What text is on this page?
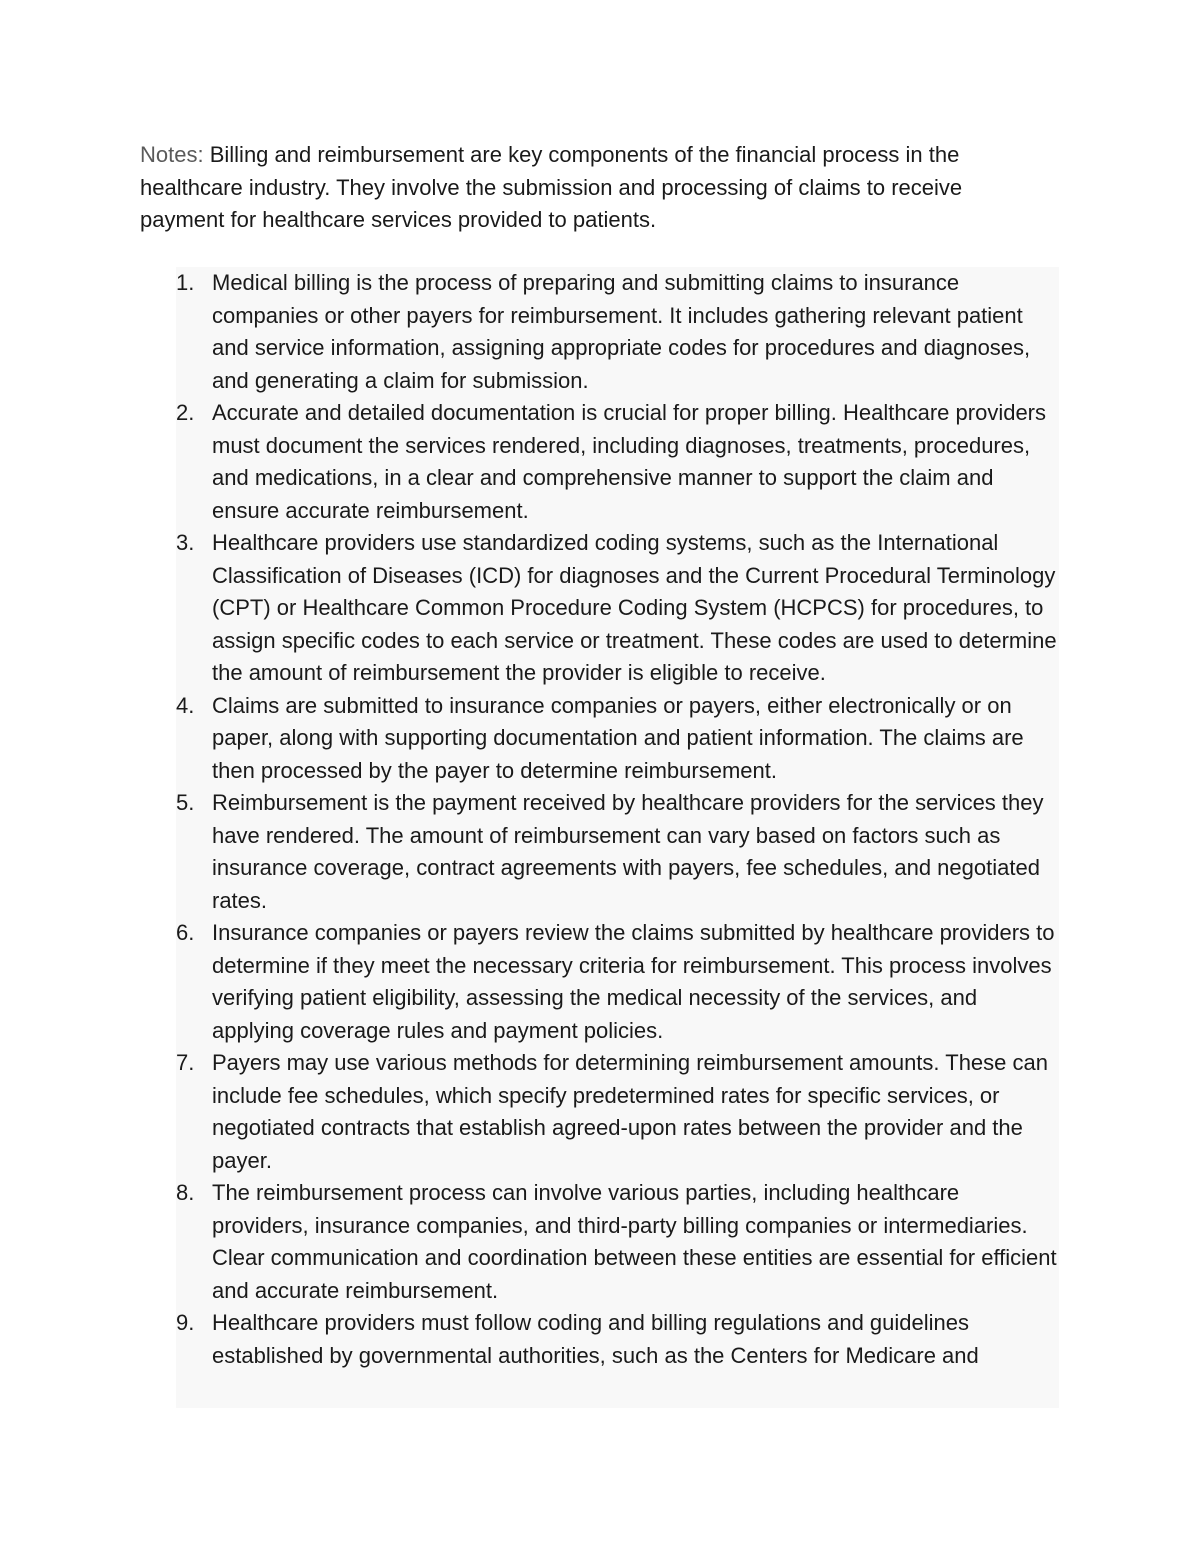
Notes: Billing and reimbursement are key components of the financial process in the healthcare industry. They involve the submission and processing of claims to receive payment for healthcare services provided to patients.

1. Medical billing is the process of preparing and submitting claims to insurance companies or other payers for reimbursement. It includes gathering relevant patient and service information, assigning appropriate codes for procedures and diagnoses, and generating a claim for submission.
2. Accurate and detailed documentation is crucial for proper billing. Healthcare providers must document the services rendered, including diagnoses, treatments, procedures, and medications, in a clear and comprehensive manner to support the claim and ensure accurate reimbursement.
3. Healthcare providers use standardized coding systems, such as the International Classification of Diseases (ICD) for diagnoses and the Current Procedural Terminology (CPT) or Healthcare Common Procedure Coding System (HCPCS) for procedures, to assign specific codes to each service or treatment. These codes are used to determine the amount of reimbursement the provider is eligible to receive.
4. Claims are submitted to insurance companies or payers, either electronically or on paper, along with supporting documentation and patient information. The claims are then processed by the payer to determine reimbursement.
5. Reimbursement is the payment received by healthcare providers for the services they have rendered. The amount of reimbursement can vary based on factors such as insurance coverage, contract agreements with payers, fee schedules, and negotiated rates.
6. Insurance companies or payers review the claims submitted by healthcare providers to determine if they meet the necessary criteria for reimbursement. This process involves verifying patient eligibility, assessing the medical necessity of the services, and applying coverage rules and payment policies.
7. Payers may use various methods for determining reimbursement amounts. These can include fee schedules, which specify predetermined rates for specific services, or negotiated contracts that establish agreed-upon rates between the provider and the payer.
8. The reimbursement process can involve various parties, including healthcare providers, insurance companies, and third-party billing companies or intermediaries. Clear communication and coordination between these entities are essential for efficient and accurate reimbursement.
9. Healthcare providers must follow coding and billing regulations and guidelines established by governmental authorities, such as the Centers for Medicare and
